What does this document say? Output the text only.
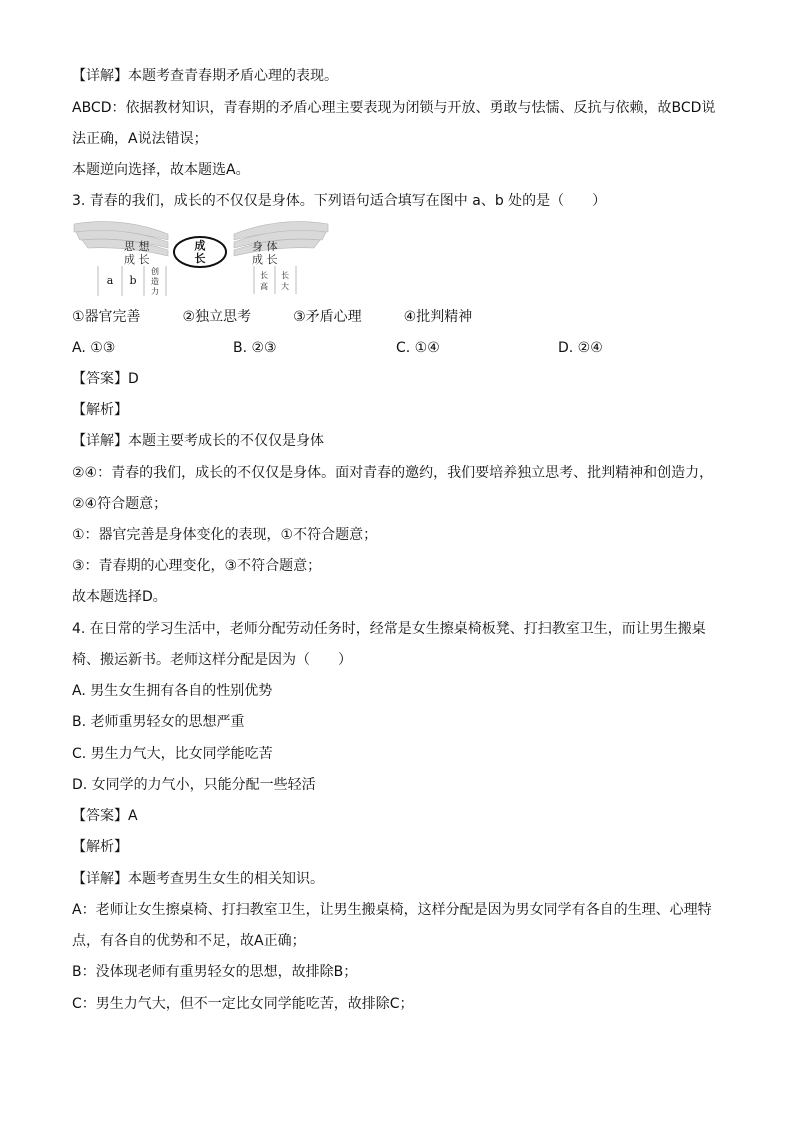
【详解】本题考查青春期矛盾心理的表现。
ABCD：依据教材知识，青春期的矛盾心理主要表现为闭锁与开放、勇敢与怯懦、反抗与依赖，故BCD说
法正确，A说法错误；
本题逆向选择，故本题选A。
3. 青春的我们，成长的不仅仅是身体。下列语句适合填写在图中 a、b 处的是（　　）
思 想
成 长
身 体
成 长
成
长
a b
创
造
力
长
高
长
大
①器官完善　　　②独立思考　　　③矛盾心理　　　④批判精神
A. ①③	B. ②③	C. ①④	D. ②④
【答案】D
【解析】
【详解】本题主要考成长的不仅仅是身体
②④：青春的我们，成长的不仅仅是身体。面对青春的邀约，我们要培养独立思考、批判精神和创造力，
②④符合题意；
①：器官完善是身体变化的表现，①不符合题意；
③：青春期的心理变化，③不符合题意；
故本题选择D。
4. 在日常的学习生活中，老师分配劳动任务时，经常是女生擦桌椅板凳、打扫教室卫生，而让男生搬桌
椅、搬运新书。老师这样分配是因为（　　）
A. 男生女生拥有各自的性别优势
B. 老师重男轻女的思想严重
C. 男生力气大，比女同学能吃苦
D. 女同学的力气小，只能分配一些轻活
【答案】A
【解析】
【详解】本题考查男生女生的相关知识。
A：老师让女生擦桌椅、打扫教室卫生，让男生搬桌椅，这样分配是因为男女同学有各自的生理、心理特
点，有各自的优势和不足，故A正确；
B：没体现老师有重男轻女的思想，故排除B；
C：男生力气大，但不一定比女同学能吃苦，故排除C；
